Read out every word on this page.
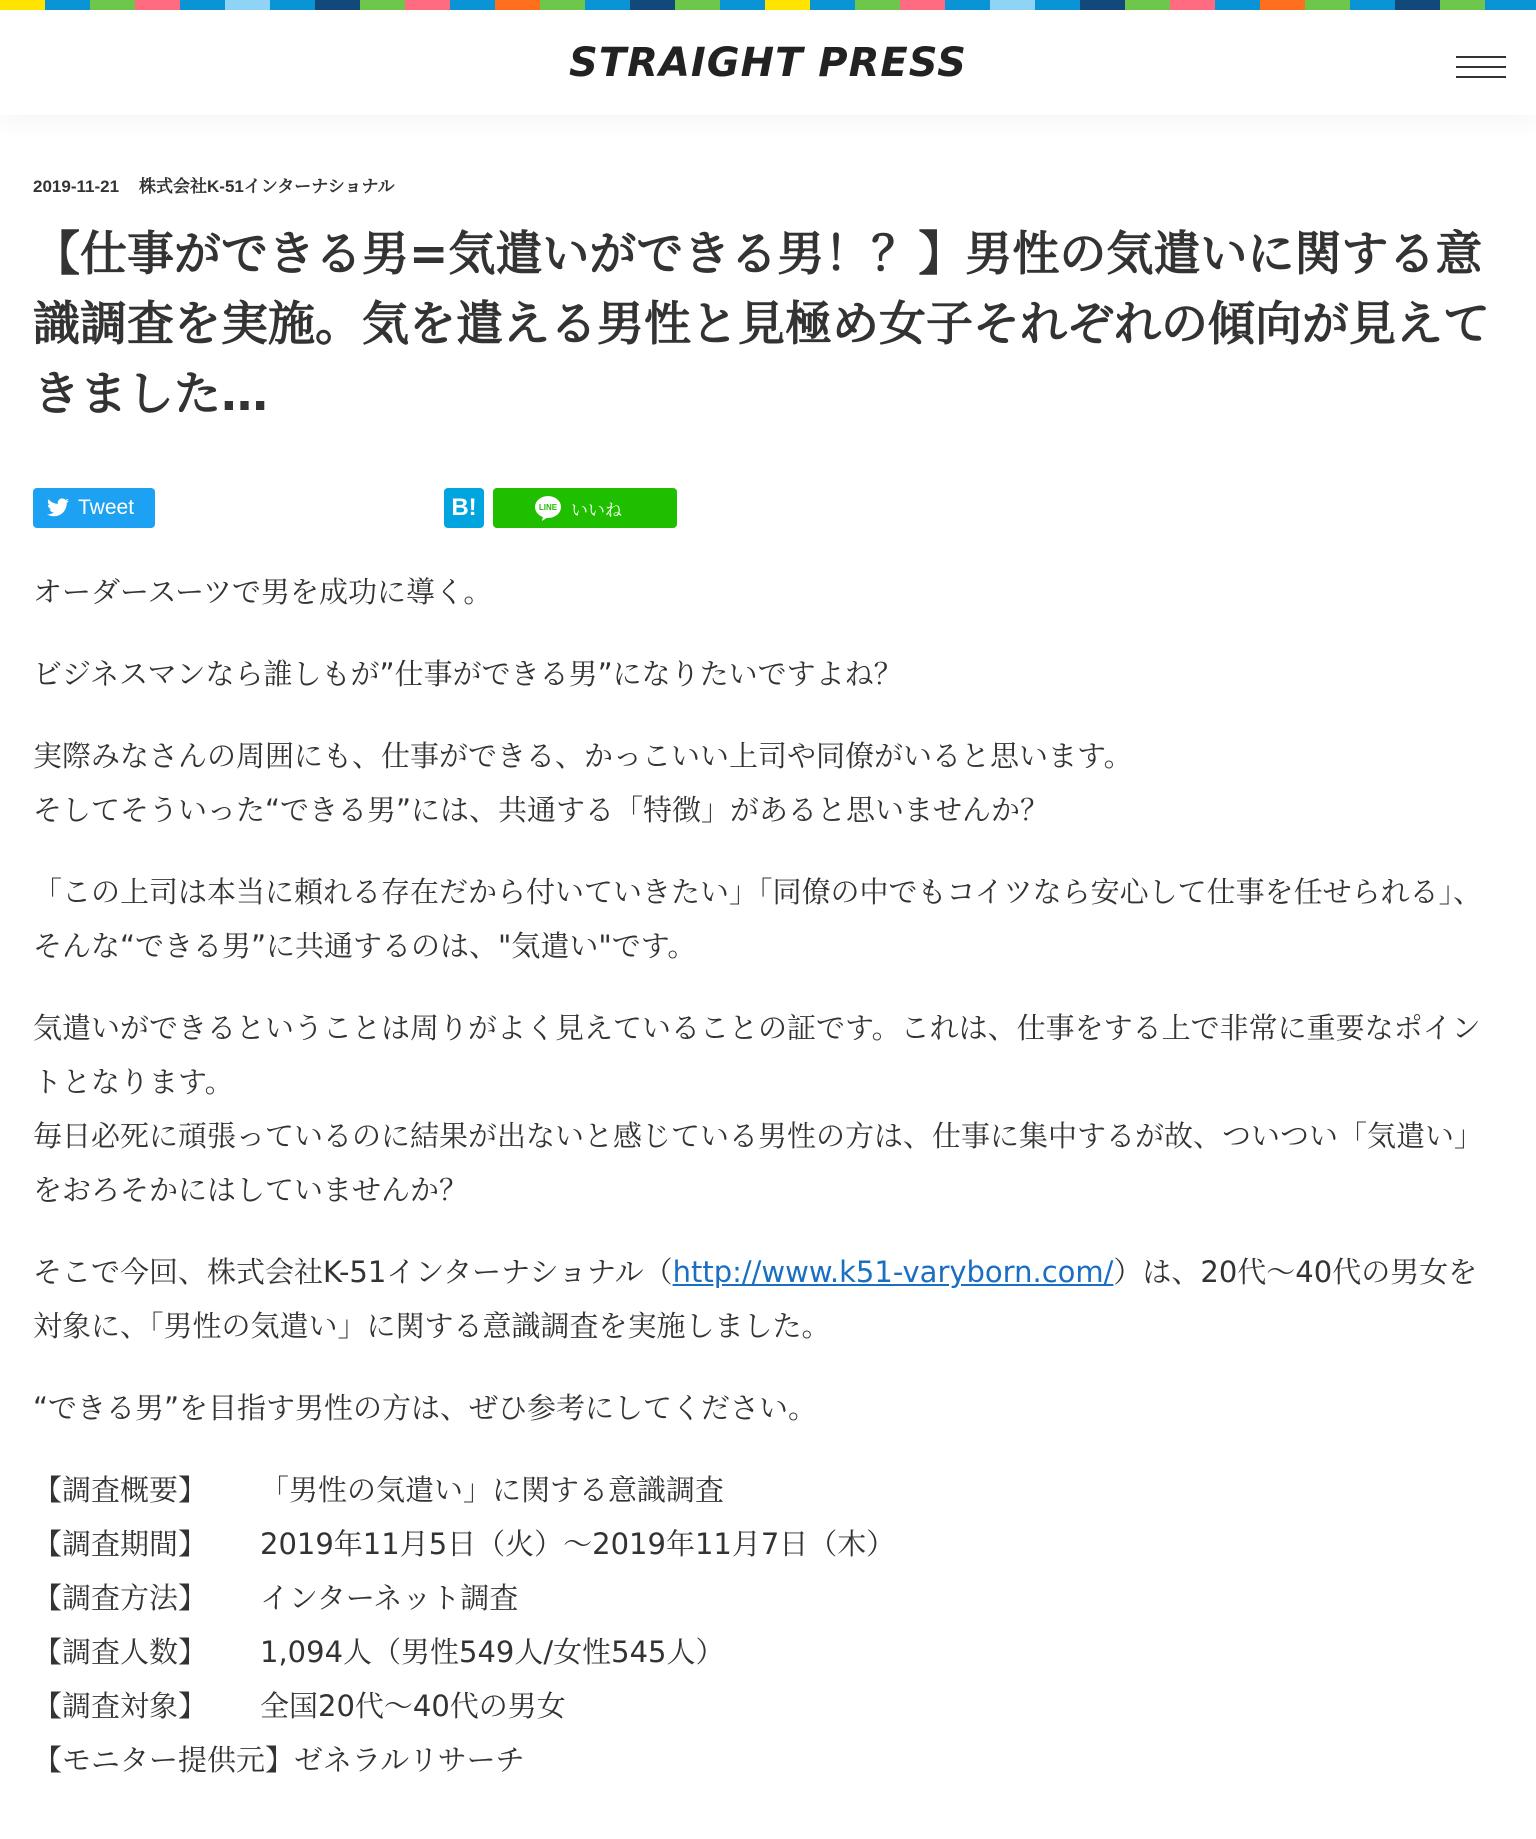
STRAIGHT PRESS
2019-11-21 株式会社K-51インターナショナル
【仕事ができる男=気遣いができる男！？】男性の気遣いに関する意識調査を実施。気を遣える男性と見極め女子それぞれの傾向が見えてきました…
Tweet	B!	LINE いいね

オーダースーツで男を成功に導く。

ビジネスマンなら誰しもが”仕事ができる男”になりたいですよね？

実際みなさんの周囲にも、仕事ができる、かっこいい上司や同僚がいると思います。
そしてそういった“できる男”には、共通する「特徴」があると思いませんか？

「この上司は本当に頼れる存在だから付いていきたい」「同僚の中でもコイツなら安心して仕事を任せられる」、そんな“できる男”に共通するのは、"気遣い"です。

気遣いができるということは周りがよく見えていることの証です。これは、仕事をする上で非常に重要なポイントとなります。
毎日必死に頑張っているのに結果が出ないと感じている男性の方は、仕事に集中するが故、ついつい「気遣い」をおろそかにはしていませんか？

そこで今回、株式会社K-51インターナショナル（http://www.k51-varyborn.com/）は、20代〜40代の男女を対象に、「男性の気遣い」に関する意識調査を実施しました。

“できる男”を目指す男性の方は、ぜひ参考にしてください。

【調査概要】	「男性の気遣い」に関する意識調査
【調査期間】	2019年11月5日（火）〜2019年11月7日（木）
【調査方法】	インターネット調査
【調査人数】	1,094人（男性549人/女性545人）
【調査対象】	全国20代〜40代の男女
【モニター提供元】 ゼネラルリサーチ
